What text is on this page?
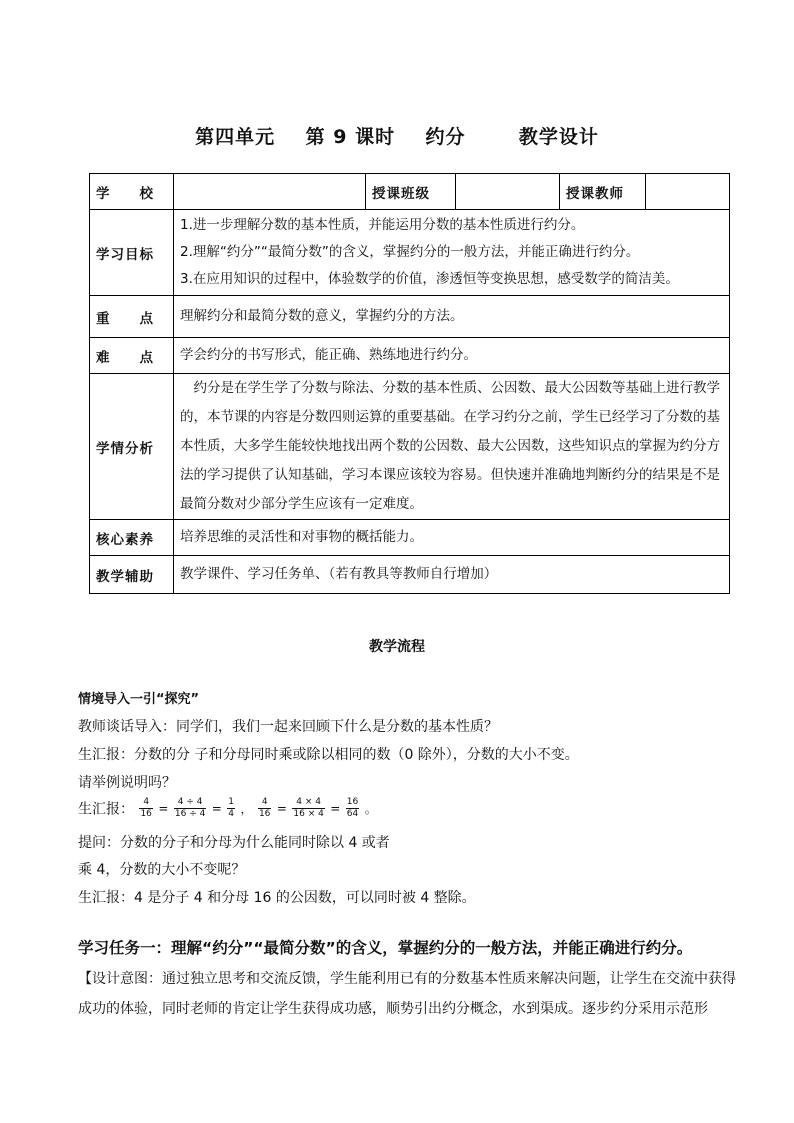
第四单元    第 9 课时    约分       教学设计
学　　校		授课班级		授课教师	
学习目标	1.进一步理解分数的基本性质，并能运用分数的基本性质进行约分。

2.理解“约分”“最简分数”的含义，掌握约分的一般方法，并能正确进行约分。

3.在应用知识的过程中，体验数学的价值，渗透恒等变换思想，感受数学的简洁美。				

重　　点	理解约分和最简分数的意义，掌握约分的方法。				
难　　点	学会约分的书写形式，能正确、熟练地进行约分。				
学情分析	　约分是在学生学了分数与除法、分数的基本性质、公因数、最大公因数等基础上进行教学的，本节课的内容是分数四则运算的重要基础。在学习约分之前，学生已经学习了分数的基本性质，大多学生能较快地找出两个数的公因数、最大公因数，这些知识点的掌握为约分方法的学习提供了认知基础，学习本课应该较为容易。但快速并准确地判断约分的结果是不是最简分数对少部分学生应该有一定难度。				
核心素养	培养思维的灵活性和对事物的概括能力。				
教学辅助	教学课件、学习任务单、（若有教具等教师自行增加）				
教学流程
情境导入一引“探究”
教师谈话导入：同学们，我们一起来回顾下什么是分数的基本性质？
生汇报：分数的分 子和分母同时乘或除以相同的数（0 除外），分数的大小不变。
请举例说明吗？
生汇报： $\frac{4}{16} = \frac{4 \div 4}{16 \div 4} = \frac{1}{4}$ ， $\frac{4}{16} = \frac{4 \times 4}{16 \times 4} = \frac{16}{64}$ 。
提问：分数的分子和分母为什么能同时除以 4 或者
乘 4，分数的大小不变呢？
生汇报：4 是分子 4 和分母 16 的公因数，可以同时被 4 整除。
学习任务一：理解“约分”“最简分数”的含义，掌握约分的一般方法，并能正确进行约分。
【设计意图：通过独立思考和交流反馈，学生能利用已有的分数基本性质来解决问题，让学生在交流中获得成功的体验，同时老师的肯定让学生获得成功感，顺势引出约分概念，水到渠成。逐步约分采用示范形
